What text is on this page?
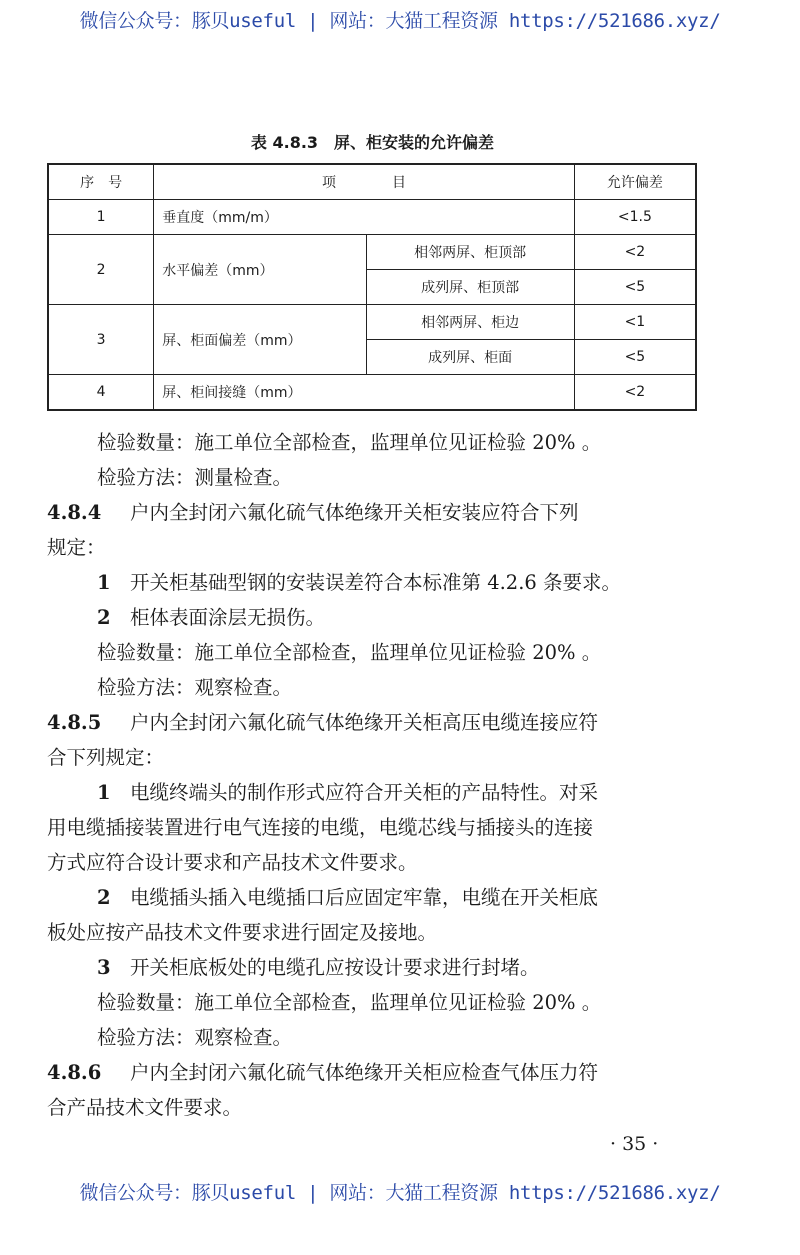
微信公众号：豚贝useful | 网站：大猫工程资源 https://521686.xyz/
表 4.8.3　屏、柜安装的允许偏差
序　号	项　　　　目		允许偏差
1	垂直度（mm/m）		<1.5
2	水平偏差（mm）	相邻两屏、柜顶部	<2
		成列屏、柜顶部	<5
3	屏、柜面偏差（mm）	相邻两屏、柜边	<1
		成列屏、柜面	<5
4	屏、柜间接缝（mm）		<2
检验数量：施工单位全部检查，监理单位见证检验 20% 。
检验方法：测量检查。
4.8.4 户内全封闭六氟化硫气体绝缘开关柜安装应符合下列
规定：
1 开关柜基础型钢的安装误差符合本标准第 4.2.6 条要求。
2 柜体表面涂层无损伤。
检验数量：施工单位全部检查，监理单位见证检验 20% 。
检验方法：观察检查。
4.8.5 户内全封闭六氟化硫气体绝缘开关柜高压电缆连接应符
合下列规定：
1 电缆终端头的制作形式应符合开关柜的产品特性。对采
用电缆插接装置进行电气连接的电缆，电缆芯线与插接头的连接
方式应符合设计要求和产品技术文件要求。
2 电缆插头插入电缆插口后应固定牢靠，电缆在开关柜底
板处应按产品技术文件要求进行固定及接地。
3 开关柜底板处的电缆孔应按设计要求进行封堵。
检验数量：施工单位全部检查，监理单位见证检验 20% 。
检验方法：观察检查。
4.8.6 户内全封闭六氟化硫气体绝缘开关柜应检查气体压力符
合产品技术文件要求。
· 35 ·
微信公众号：豚贝useful | 网站：大猫工程资源 https://521686.xyz/
